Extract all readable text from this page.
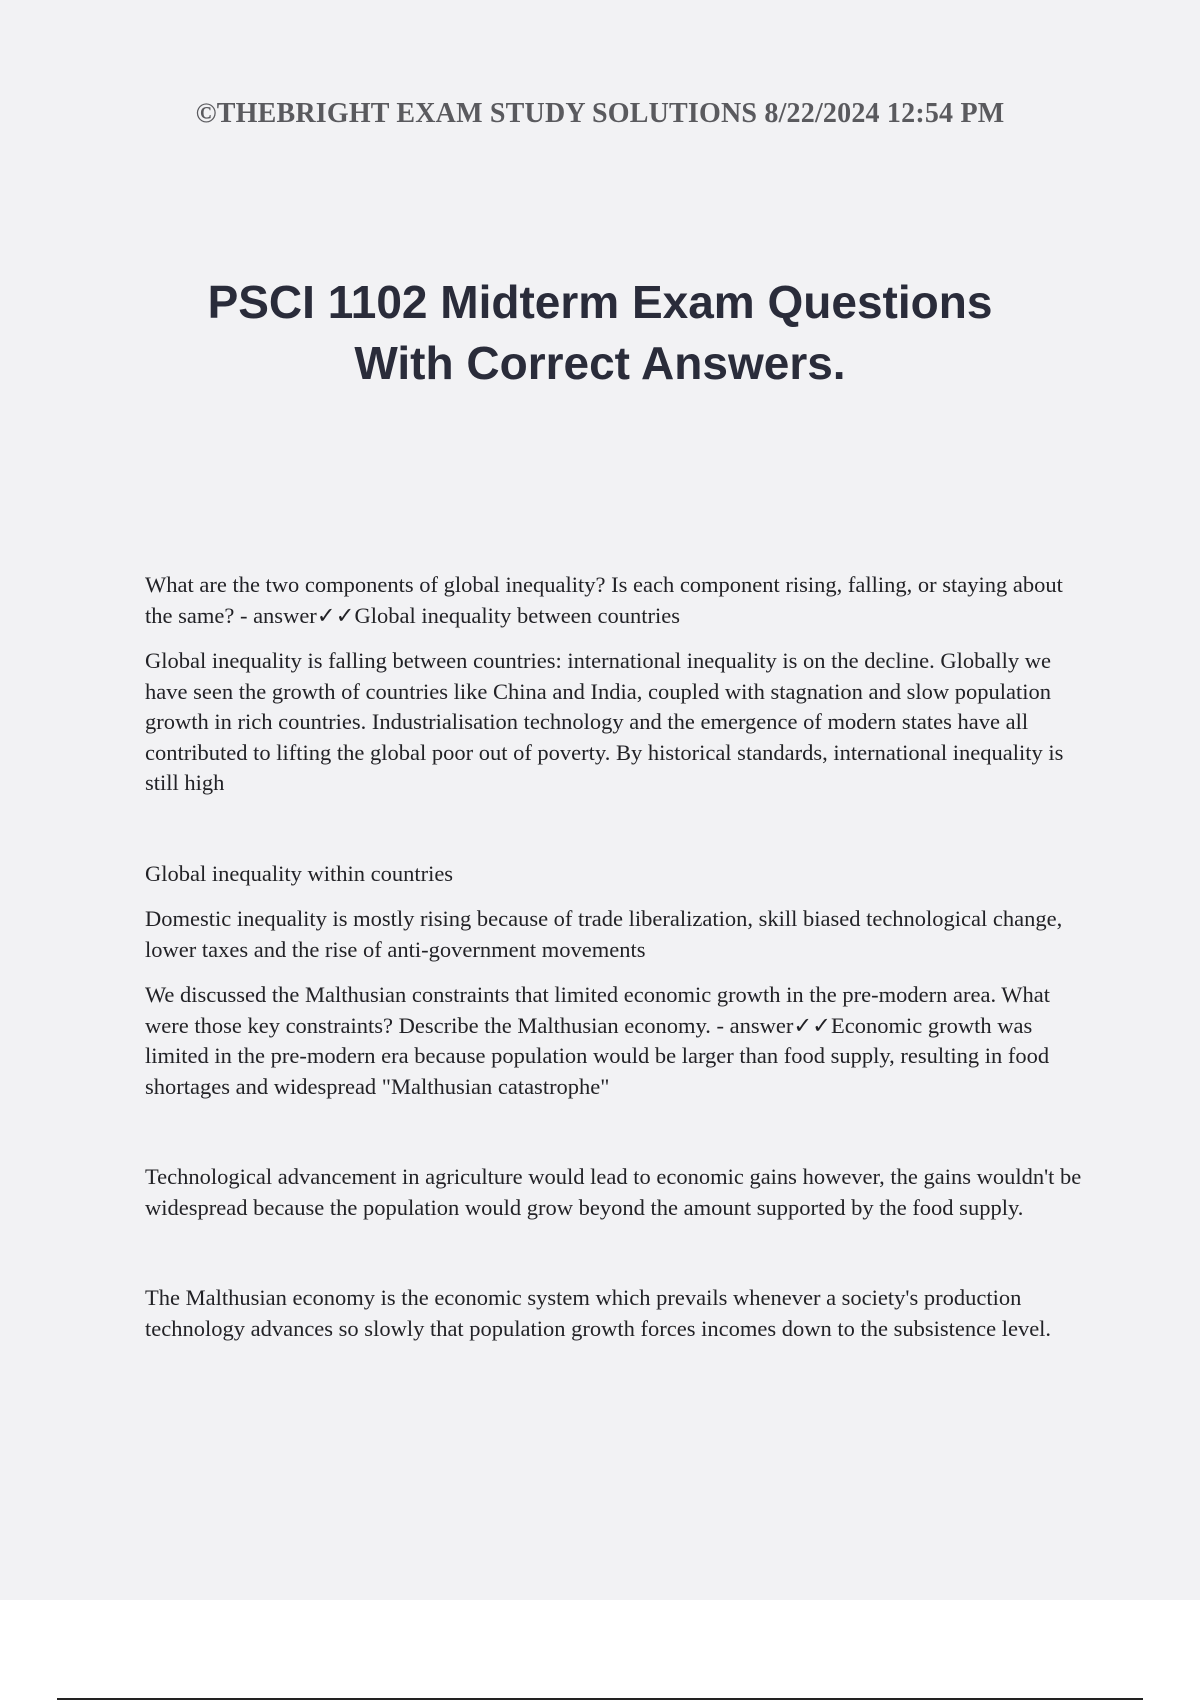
©THEBRIGHT EXAM STUDY SOLUTIONS 8/22/2024 12:54 PM
PSCI 1102 Midterm Exam Questions
With Correct Answers.

What are the two components of global inequality? Is each component rising, falling, or staying about the same? - answer✓✓Global inequality between countries

Global inequality is falling between countries: international inequality is on the decline. Globally we have seen the growth of countries like China and India, coupled with stagnation and slow population growth in rich countries. Industrialisation technology and the emergence of modern states have all contributed to lifting the global poor out of poverty. By historical standards, international inequality is still high

Global inequality within countries

Domestic inequality is mostly rising because of trade liberalization, skill biased technological change, lower taxes and the rise of anti-government movements

We discussed the Malthusian constraints that limited economic growth in the pre-modern area. What were those key constraints? Describe the Malthusian economy. - answer✓✓Economic growth was limited in the pre-modern era because population would be larger than food supply, resulting in food shortages and widespread "Malthusian catastrophe"

Technological advancement in agriculture would lead to economic gains however, the gains wouldn't be widespread because the population would grow beyond the amount supported by the food supply.

The Malthusian economy is the economic system which prevails whenever a society's production technology advances so slowly that population growth forces incomes down to the subsistence level.
